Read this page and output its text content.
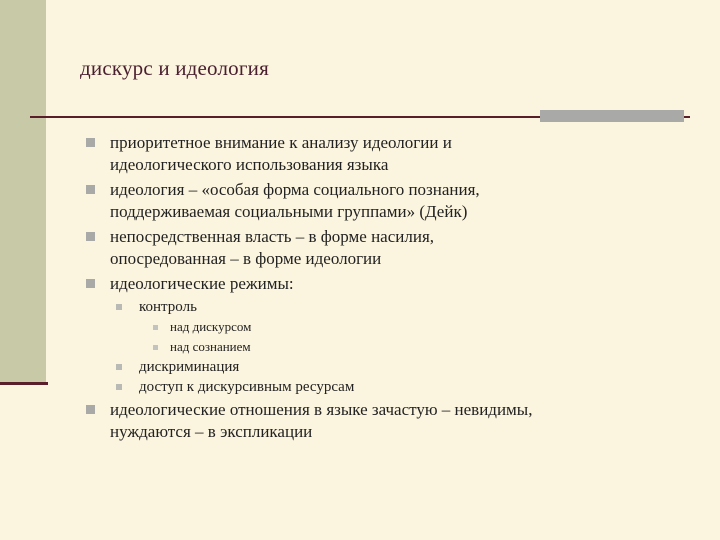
дискурс и идеология
приоритетное внимание к анализу идеологии и
идеологического использования языка
идеология – «особая форма социального познания,
поддерживаемая социальными группами» (Дейк)
непосредственная власть – в форме насилия,
опосредованная – в форме идеологии
идеологические режимы:
контроль
над дискурсом
над сознанием
дискриминация
доступ к дискурсивным ресурсам
идеологические отношения в языке зачастую – невидимы,
нуждаются – в экспликации
